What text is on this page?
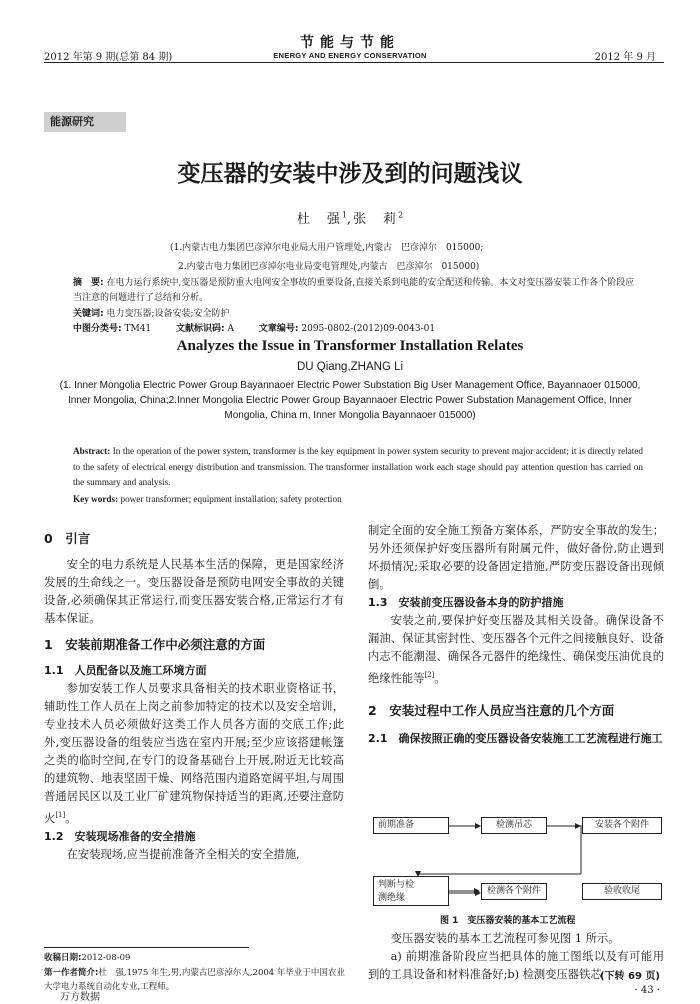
2012 年第 9 期(总第 84 期)
节能与节能
ENERGY AND ENERGY CONSERVATION	2012 年 9 月
能源研究
变压器的安装中涉及到的问题浅议
杜　强$^1$,张　莉$^2$
(1.内蒙古电力集团巴彦淖尔电业局大用户管理处,内蒙古　巴彦淖尔　015000;
2.内蒙古电力集团巴彦淖尔电业局变电管理处,内蒙古　巴彦淖尔　015000)
摘　要: 在电力运行系统中,变压器是预防重大电网安全事故的重要设备,直接关系到电能的安全配送和传输。本文对变压器安装工作各个阶段应当注意的问题进行了总结和分析。
关键词: 电力变压器;设备安装;安全防护
中图分类号: TM41	文献标识码: A	文章编号: 2095-0802-(2012)09-0043-01
Analyzes the Issue in Transformer Installation Relates
DU Qiang,ZHANG Li
(1. Inner Mongolia Electric Power Group Bayannaoer Electric Power Substation Big User Management Office, Bayannaoer 015000, Inner Mongolia, China;2.Inner Mongolia Electric Power Group Bayannaoer Electric Power Substation Management Office, Inner Mongolia, China m, Inner Mongolia Bayannaoer 015000)
Abstract: In the operation of the power system, transformer is the key equipment in power system security to prevent major accident; it is directly related to the safety of electrical energy distribution and transmission. The transformer installation work each stage should pay attention question has carried on the summary and analysis.
Key words: power transformer; equipment installation; safety protection
0　引言

安全的电力系统是人民基本生活的保障，更是国家经济发展的生命线之一。变压器设备是预防电网安全事故的关键设备,必须确保其正常运行,而变压器安装合格,正常运行才有基本保证。

1　安装前期准备工作中必须注意的方面
1.1　人员配备以及施工环境方面

参加安装工作人员要求具备相关的技术职业资格证书，辅助性工作人员在上岗之前参加特定的技术以及安全培训，专业技术人员必须做好这类工作人员各方面的交底工作;此外,变压器设备的组装应当选在室内开展;至少应该搭建帐篷之类的临时空间,在专门的设备基础台上开展,附近无比较高的建筑物、地表坚固干燥、网络范围内道路宽阔平坦,与周围普通居民区以及工业厂矿建筑物保持适当的距离,还要注意防火[1]。

1.2　安装现场准备的安全措施

在安装现场,应当提前准备齐全相关的安全措施,

制定全面的安全施工预备方案体系，严防安全事故的发生；另外还须保护好变压器所有附属元件，做好备份,防止遇到坏损情况;采取必要的设备固定措施,严防变压器设备出现倾倒。

1.3　安装前变压器设备本身的防护措施

安装之前,要保护好变压器及其相关设备。确保设备不漏油、保证其密封性、变压器各个元件之间接触良好、设备内志不能潮湿、确保各元器件的绝缘性、确保变压油优良的绝缘性能等[2]。

2　安装过程中工作人员应当注意的几个方面
2.1　确保按照正确的变压器设备安装施工工艺流程进行施工
前期准备	检测吊芯	安装各个附件
判断与检
测绝缘
检测各个附件	验收收尾
图 1　变压器安装的基本工艺流程

变压器安装的基本工艺流程可参见图 1 所示。

a) 前期准备阶段应当把具体的施工图纸以及有可能用到的工具设备和材料准备好;b) 检测变压器铁芯

(下转 69 页)
· 43 ·
收稿日期:2012-08-09
第一作者简介:杜　强,1975 年生,男,内蒙古巴彦淖尔人,2004 年毕业于中国农业大学电力系统自动化专业,工程师。
万方数据
